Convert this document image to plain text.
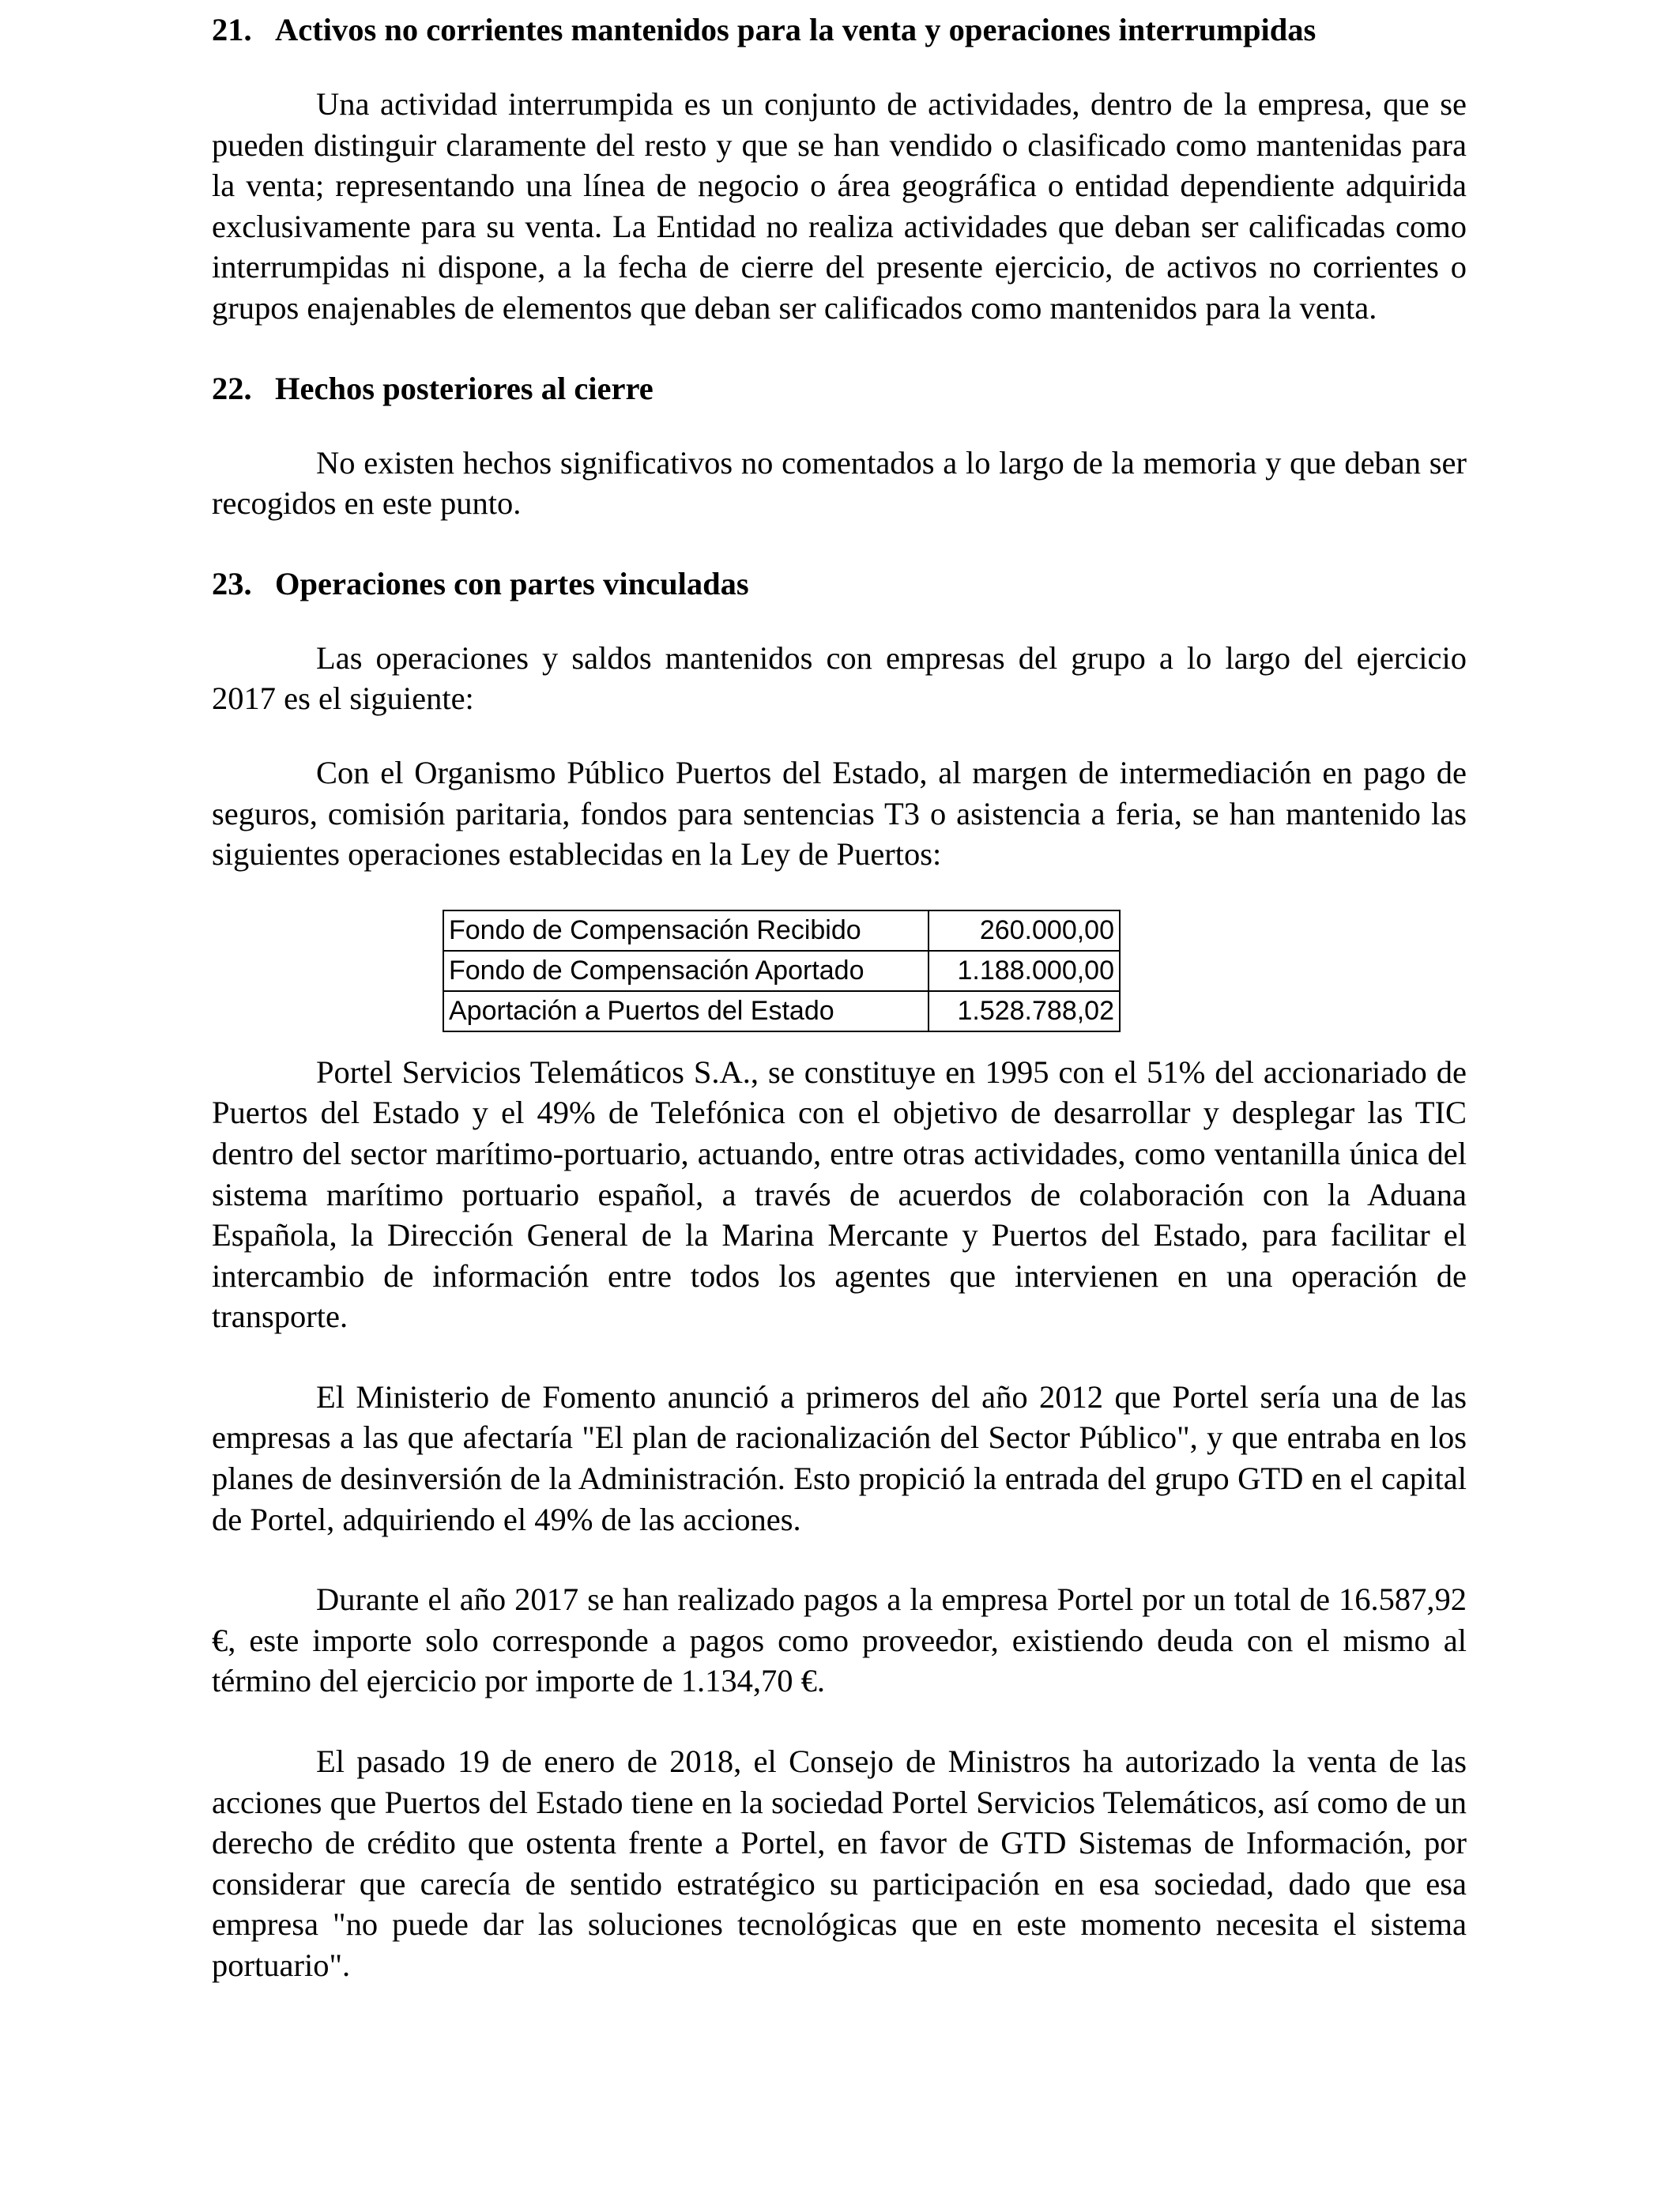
21. Activos no corrientes mantenidos para la venta y operaciones interrumpidas

Una actividad interrumpida es un conjunto de actividades, dentro de la empresa, que se pueden distinguir claramente del resto y que se han vendido o clasificado como mantenidas para la venta; representando una línea de negocio o área geográfica o entidad dependiente adquirida exclusivamente para su venta. La Entidad no realiza actividades que deban ser calificadas como interrumpidas ni dispone, a la fecha de cierre del presente ejercicio, de activos no corrientes o grupos enajenables de elementos que deban ser calificados como mantenidos para la venta.

22. Hechos posteriores al cierre

No existen hechos significativos no comentados a lo largo de la memoria y que deban ser recogidos en este punto.

23. Operaciones con partes vinculadas

Las operaciones y saldos mantenidos con empresas del grupo a lo largo del ejercicio 2017 es el siguiente:

Con el Organismo Público Puertos del Estado, al margen de intermediación en pago de seguros, comisión paritaria, fondos para sentencias T3 o asistencia a feria, se han mantenido las siguientes operaciones establecidas en la Ley de Puertos:

Fondo de Compensación Recibido	260.000,00
Fondo de Compensación Aportado	1.188.000,00
Aportación a Puertos del Estado	1.528.788,02

Portel Servicios Telemáticos S.A., se constituye en 1995 con el 51% del accionariado de Puertos del Estado y el 49% de Telefónica con el objetivo de desarrollar y desplegar las TIC dentro del sector marítimo-portuario, actuando, entre otras actividades, como ventanilla única del sistema marítimo portuario español, a través de acuerdos de colaboración con la Aduana Española, la Dirección General de la Marina Mercante y Puertos del Estado, para facilitar el intercambio de información entre todos los agentes que intervienen en una operación de transporte.

El Ministerio de Fomento anunció a primeros del año 2012 que Portel sería una de las empresas a las que afectaría "El plan de racionalización del Sector Público", y que entraba en los planes de desinversión de la Administración. Esto propició la entrada del grupo GTD en el capital de Portel, adquiriendo el 49% de las acciones.

Durante el año 2017 se han realizado pagos a la empresa Portel por un total de 16.587,92 €, este importe solo corresponde a pagos como proveedor, existiendo deuda con el mismo al término del ejercicio por importe de 1.134,70 €.

El pasado 19 de enero de 2018, el Consejo de Ministros ha autorizado la venta de las acciones que Puertos del Estado tiene en la sociedad Portel Servicios Telemáticos, así como de un derecho de crédito que ostenta frente a Portel, en favor de GTD Sistemas de Información, por considerar que carecía de sentido estratégico su participación en esa sociedad, dado que esa empresa "no puede dar las soluciones tecnológicas que en este momento necesita el sistema portuario".
